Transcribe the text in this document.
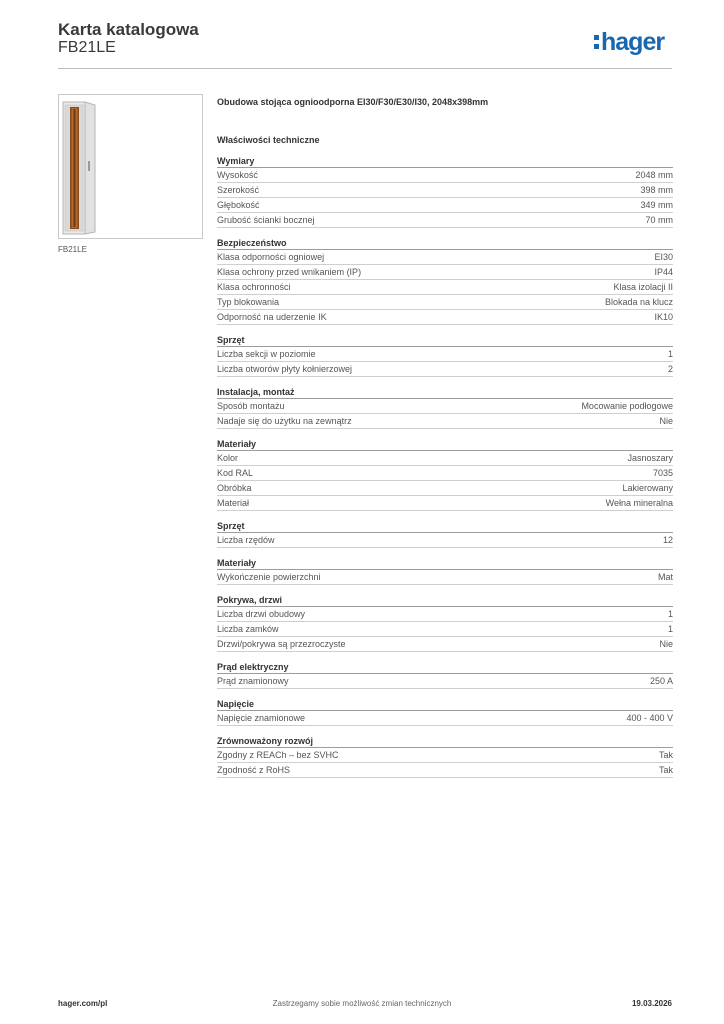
Karta katalogowa
FB21LE	hager
FB21LE
Obudowa stojąca ognioodporna EI30/F30/E30/I30, 2048x398mm
Właściwości techniczne
Wymiary
Wysokość	2048 mm
Szerokość	398 mm
Głębokość	349 mm
Grubość ścianki bocznej	70 mm
Bezpieczeństwo
Klasa odporności ogniowej	EI30
Klasa ochrony przed wnikaniem (IP)	IP44
Klasa ochronności	Klasa izolacji II
Typ blokowania	Blokada na klucz
Odporność na uderzenie IK	IK10
Sprzęt
Liczba sekcji w poziomie	1
Liczba otworów płyty kołnierzowej	2
Instalacja, montaż
Sposób montażu	Mocowanie podłogowe
Nadaje się do użytku na zewnątrz	Nie
Materiały
Kolor	Jasnoszary
Kod RAL	7035
Obróbka	Lakierowany
Materiał	Wełna mineralna
Sprzęt
Liczba rzędów	12
Materiały
Wykończenie powierzchni	Mat
Pokrywa, drzwi
Liczba drzwi obudowy	1
Liczba zamków	1
Drzwi/pokrywa są przezroczyste	Nie
Prąd elektryczny
Prąd znamionowy	250 A
Napięcie
Napięcie znamionowe	400 - 400 V
Zrównoważony rozwój
Zgodny z REACh – bez SVHC	Tak
Zgodność z RoHS	Tak
hager.com/pl	Zastrzegamy sobie możliwość zmian technicznych	19.03.2026
